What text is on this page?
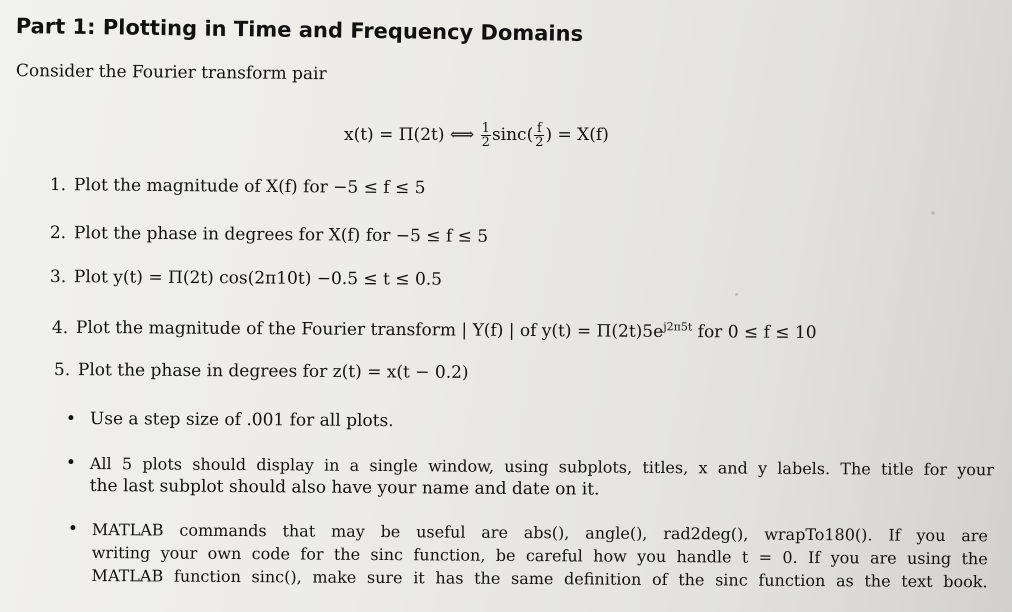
Part 1: Plotting in Time and Frequency Domains
Consider the Fourier transform pair
x(t) = Π(2t) ⟺ $\frac{1}{2} \sin c( \frac{f}{2}$ ) = X(f)
1. Plot the magnitude of X(f) for −5 ≤ f ≤ 5
2. Plot the phase in degrees for X(f) for −5 ≤ f ≤ 5
3. Plot y(t) = Π(2t) cos(2π10t) −0.5 ≤ t ≤ 0.5
4. Plot the magnitude of the Fourier transform | Y(f) | of $y(t) = \Pi(2t)5e^{j2\pi 5t}$ for 0 ≤ f ≤ 10
5. Plot the phase in degrees for z(t) = x(t − 0.2)
• Use a step size of .001 for all plots.
• All 5 plots should display in a single window, using subplots, titles, x and y labels. The title for your
the last subplot should also have your name and date on it.
• MATLAB commands that may be useful are abs(), angle(), rad2deg(), wrapTo180(). If you are
writing your own code for the sinc function, be careful how you handle t = 0. If you are using the
MATLAB function sinc(), make sure it has the same definition of the sinc function as the text book.
